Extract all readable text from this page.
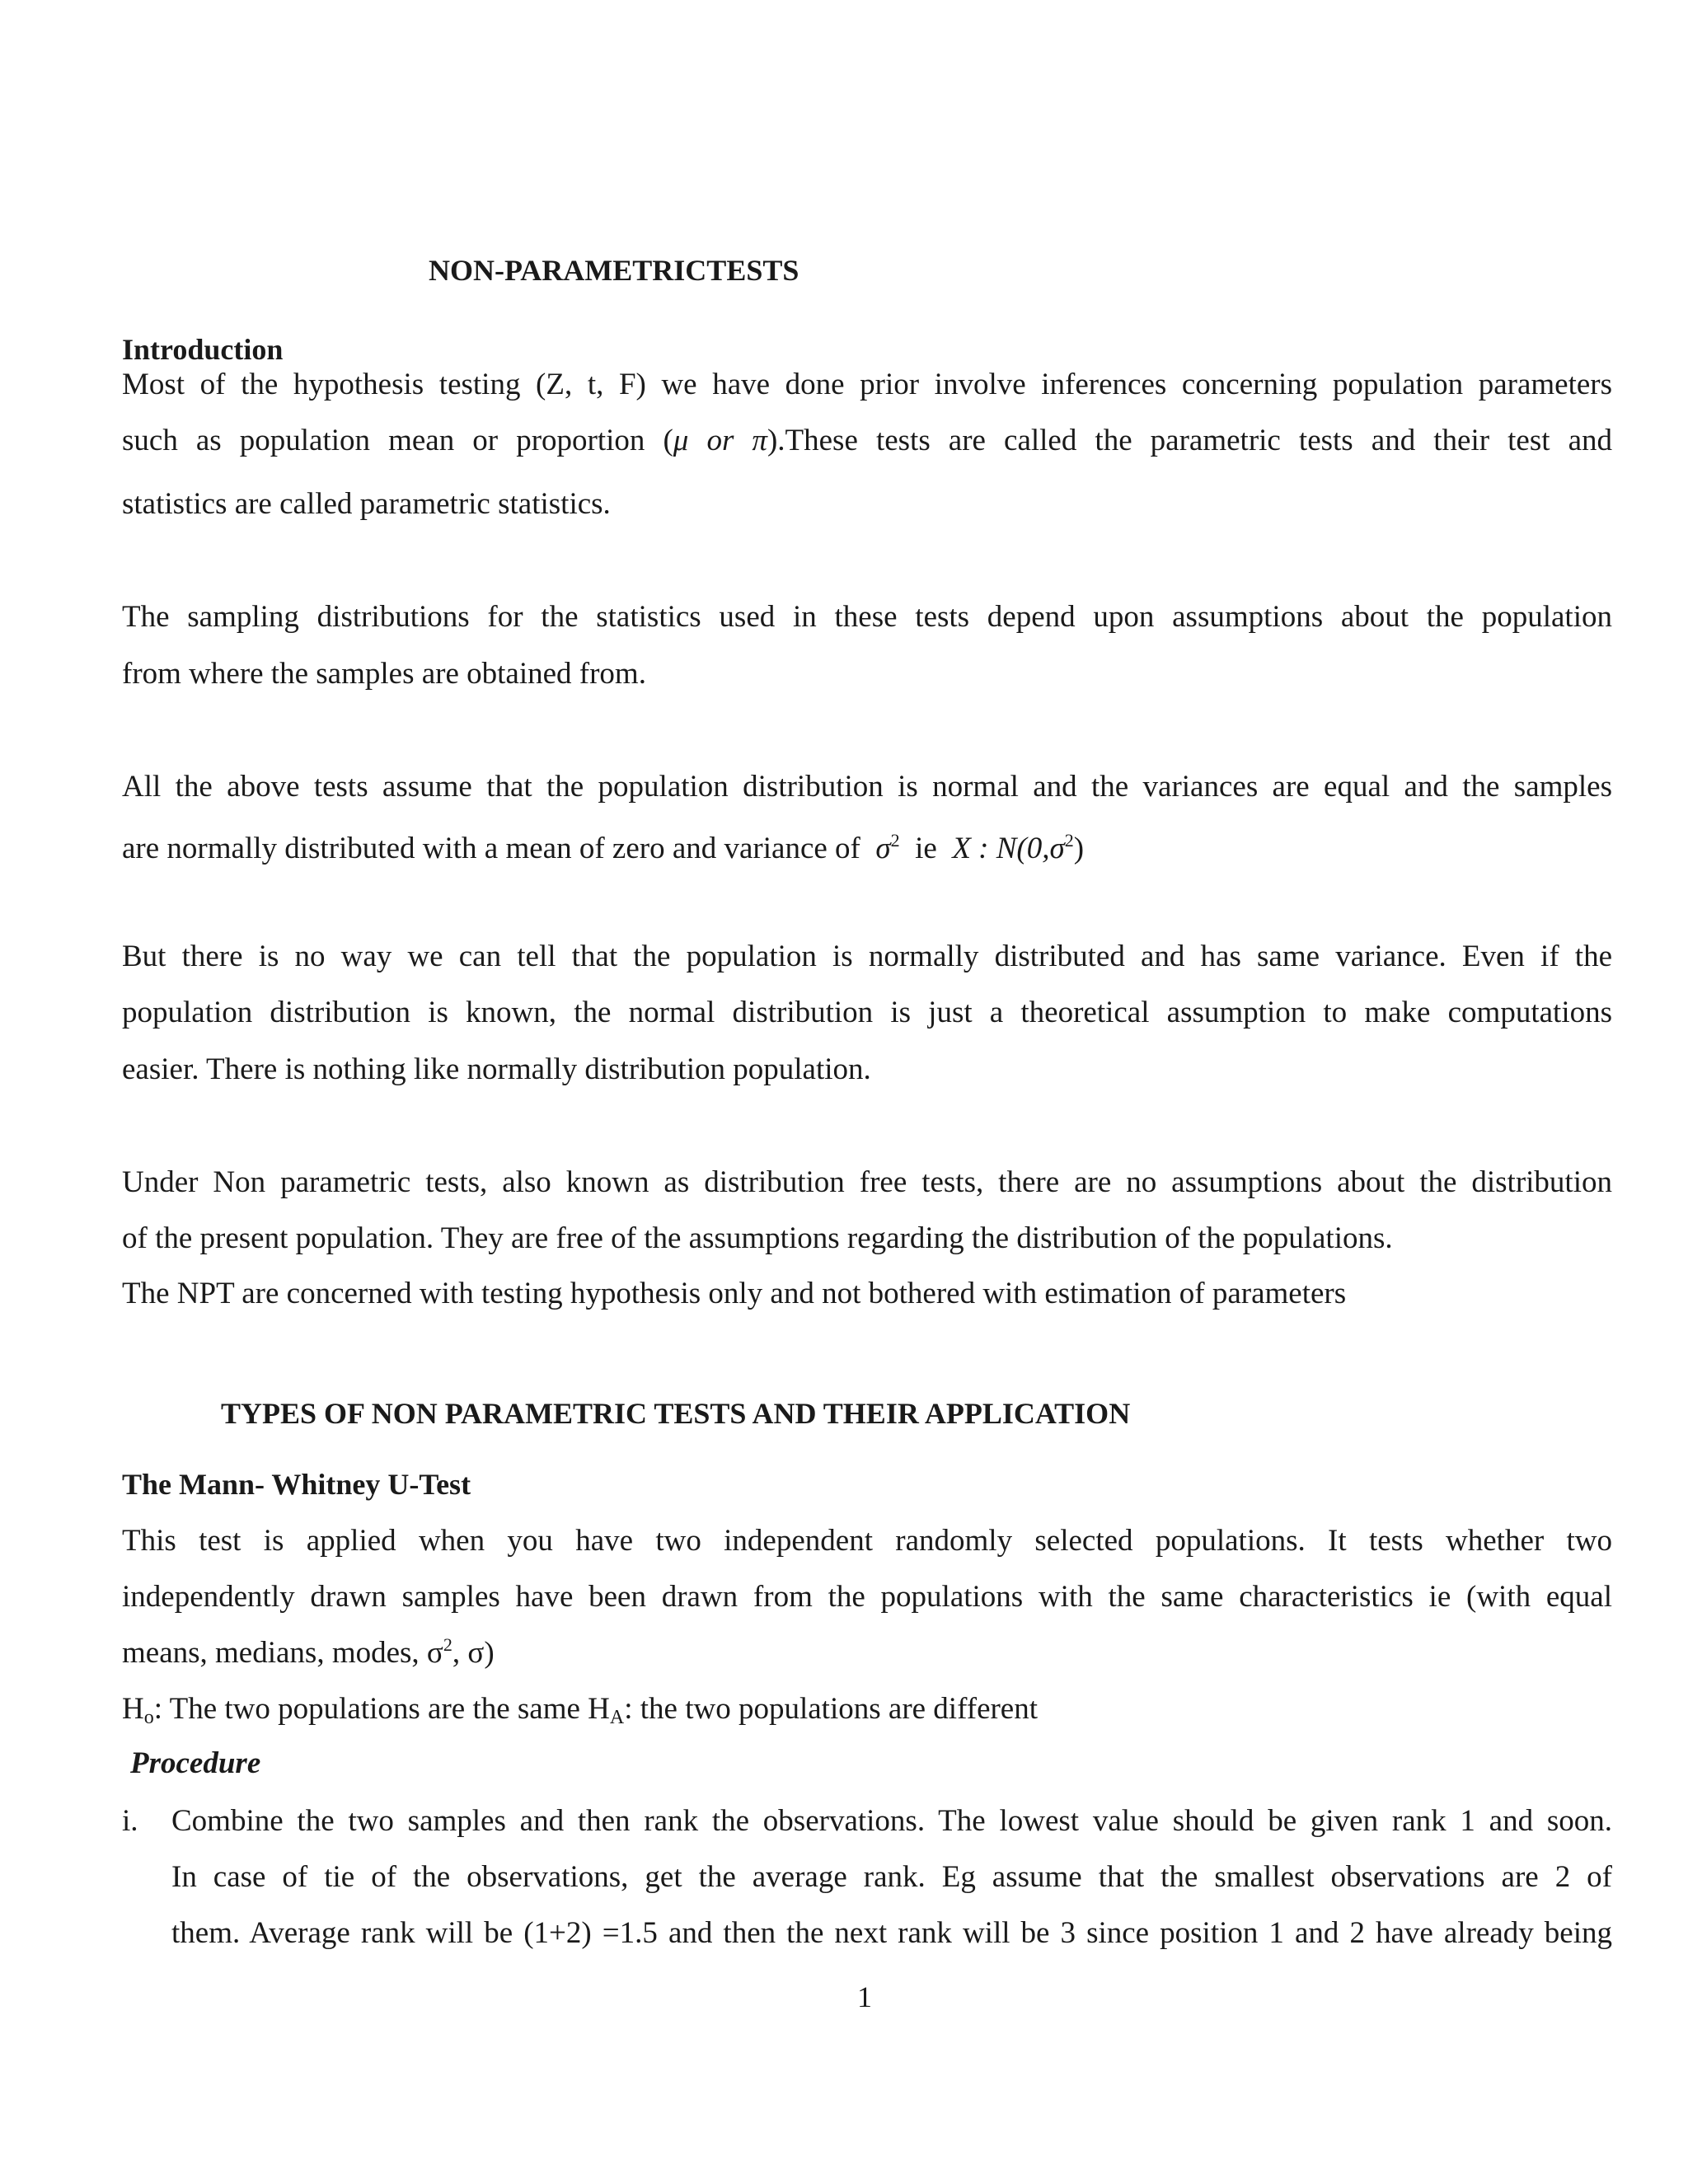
NON-PARAMETRICTESTS
Introduction
Most of the hypothesis testing (Z, t, F) we have done prior involve inferences concerning population parameters
such as population mean or proportion (μ or π).These tests are called the parametric tests and their test and
statistics are called parametric statistics.
The sampling distributions for the statistics used in these tests depend upon assumptions about the population
from where the samples are obtained from.
All the above tests assume that the population distribution is normal and the variances are equal and the samples
are normally distributed with a mean of zero and variance of $\sigma^2$ ie X : $N(0,\sigma^2)$
But there is no way we can tell that the population is normally distributed and has same variance. Even if the
population distribution is known, the normal distribution is just a theoretical assumption to make computations
easier. There is nothing like normally distribution population.
Under Non parametric tests, also known as distribution free tests, there are no assumptions about the distribution
of the present population. They are free of the assumptions regarding the distribution of the populations.
The NPT are concerned with testing hypothesis only and not bothered with estimation of parameters
TYPES OF NON PARAMETRIC TESTS AND THEIR APPLICATION
The Mann- Whitney U-Test
This test is applied when you have two independent randomly selected populations. It tests whether two
independently drawn samples have been drawn from the populations with the same characteristics ie (with equal
means, medians, modes, $\sigma^2$, σ)
$H_o$: The two populations are the same $H_A$: the two populations are different
Procedure
i. Combine the two samples and then rank the observations. The lowest value should be given rank 1 and soon.
In case of tie of the observations, get the average rank. Eg assume that the smallest observations are 2 of
them. Average rank will be (1+2) =1.5 and then the next rank will be 3 since position 1 and 2 have already being
1
